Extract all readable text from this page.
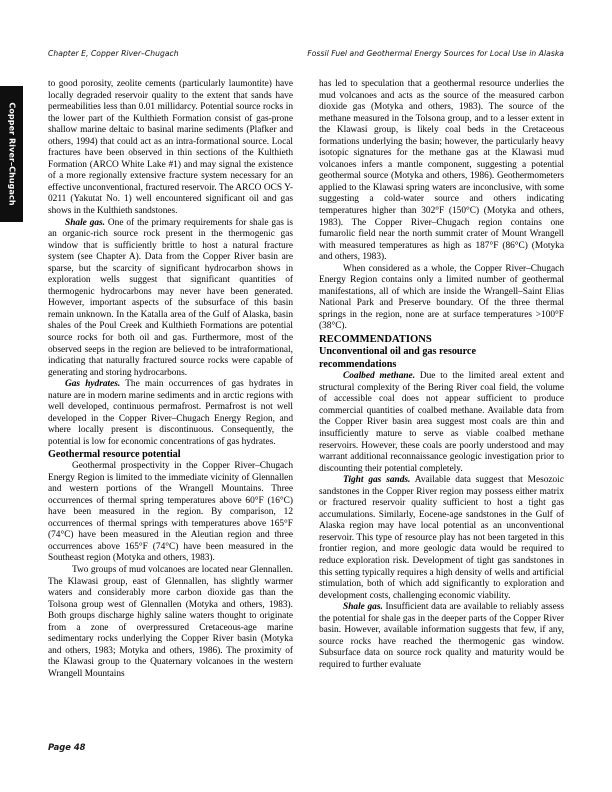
Chapter E, Copper River–Chugach	Fossil Fuel and Geothermal Energy Sources for Local Use in Alaska
Copper River–Chugach

to good porosity, zeolite cements (particularly laumontite) have locally degraded reservoir quality to the extent that sands have permeabilities less than 0.01 millidarcy. Potential source rocks in the lower part of the Kulthieth Formation consist of gas-prone shallow marine deltaic to basinal marine sediments (Plafker and others, 1994) that could act as an intra-formational source. Local fractures have been observed in thin sections of the Kulthieth Formation (ARCO White Lake #1) and may signal the existence of a more regionally extensive fracture system necessary for an effective unconventional, fractured reservoir. The ARCO OCS Y-0211 (Yakutat No. 1) well encountered significant oil and gas shows in the Kulthieth sandstones.

Shale gas. One of the primary requirements for shale gas is an organic-rich source rock present in the thermogenic gas window that is sufficiently brittle to host a natural fracture system (see Chapter A). Data from the Copper River basin are sparse, but the scarcity of significant hydrocarbon shows in exploration wells suggest that significant quantities of thermogenic hydrocarbons may never have been generated. However, important aspects of the subsurface of this basin remain unknown. In the Katalla area of the Gulf of Alaska, basin shales of the Poul Creek and Kulthieth Formations are potential source rocks for both oil and gas. Furthermore, most of the observed seeps in the region are believed to be intraformational, indicating that naturally fractured source rocks were capable of generating and storing hydrocarbons.

Gas hydrates. The main occurrences of gas hydrates in nature are in modern marine sediments and in arctic regions with well developed, continuous permafrost. Permafrost is not well developed in the Copper River–Chugach Energy Region, and where locally present is discontinuous. Consequently, the potential is low for economic concentrations of gas hydrates.

Geothermal resource potential

Geothermal prospectivity in the Copper River–Chugach Energy Region is limited to the immediate vicinity of Glennallen and western portions of the Wrangell Mountains. Three occurrences of thermal spring temperatures above 60°F (16°C) have been measured in the region. By comparison, 12 occurrences of thermal springs with temperatures above 165°F (74°C) have been measured in the Aleutian region and three occurrences above 165°F (74°C) have been measured in the Southeast region (Motyka and others, 1983).

Two groups of mud volcanoes are located near Glennallen. The Klawasi group, east of Glennallen, has slightly warmer waters and considerably more carbon dioxide gas than the Tolsona group west of Glennallen (Motyka and others, 1983). Both groups discharge highly saline waters thought to originate from a zone of overpressured Cretaceous-age marine sedimentary rocks underlying the Copper River basin (Motyka and others, 1983; Motyka and others, 1986). The proximity of the Klawasi group to the Quaternary volcanoes in the western Wrangell Mountains

has led to speculation that a geothermal resource underlies the mud volcanoes and acts as the source of the measured carbon dioxide gas (Motyka and others, 1983). The source of the methane measured in the Tolsona group, and to a lesser extent in the Klawasi group, is likely coal beds in the Cretaceous formations underlying the basin; however, the particularly heavy isotopic signatures for the methane gas at the Klawasi mud volcanoes infers a mantle component, suggesting a potential geothermal source (Motyka and others, 1986). Geothermometers applied to the Klawasi spring waters are inconclusive, with some suggesting a cold-water source and others indicating temperatures higher than 302°F (150°C) (Motyka and others, 1983). The Copper River–Chugach region contains one fumarolic field near the north summit crater of Mount Wrangell with measured temperatures as high as 187°F (86°C) (Motyka and others, 1983).

When considered as a whole, the Copper River–Chugach Energy Region contains only a limited number of geothermal manifestations, all of which are inside the Wrangell–Saint Elias National Park and Preserve boundary. Of the three thermal springs in the region, none are at surface temperatures >100°F (38°C).

RECOMMENDATIONS
Unconventional oil and gas resource
recommendations

Coalbed methane. Due to the limited areal extent and structural complexity of the Bering River coal field, the volume of accessible coal does not appear sufficient to produce commercial quantities of coalbed methane. Available data from the Copper River basin area suggest most coals are thin and insufficiently mature to serve as viable coalbed methane reservoirs. However, these coals are poorly understood and may warrant additional reconnaissance geologic investigation prior to discounting their potential completely.

Tight gas sands. Available data suggest that Mesozoic sandstones in the Copper River region may possess either matrix or fractured reservoir quality sufficient to host a tight gas accumulations. Similarly, Eocene-age sandstones in the Gulf of Alaska region may have local potential as an unconventional reservoir. This type of resource play has not been targeted in this frontier region, and more geologic data would be required to reduce exploration risk. Development of tight gas sandstones in this setting typically requires a high density of wells and artificial stimulation, both of which add significantly to exploration and development costs, challenging economic viability.

Shale gas. Insufficient data are available to reliably assess the potential for shale gas in the deeper parts of the Copper River basin. However, available information suggests that few, if any, source rocks have reached the thermogenic gas window. Subsurface data on source rock quality and maturity would be required to further evaluate

Page 48
